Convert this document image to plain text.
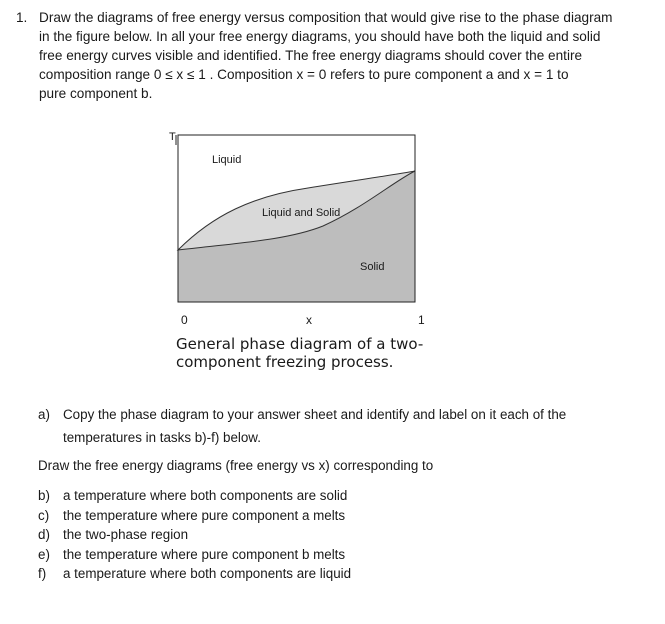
1. Draw the diagrams of free energy versus composition that would give rise to the phase diagram
in the figure below. In all your free energy diagrams, you should have both the liquid and solid
free energy curves visible and identified. The free energy diagrams should cover the entire
composition range 0 ≤ x ≤ 1 . Composition x = 0 refers to pure component a and x = 1 to
pure component b.
T
Liquid
Liquid and Solid
Solid
0	x	1
General phase diagram of a two-
component freezing process.
a) Copy the phase diagram to your answer sheet and identify and label on it each of the
temperatures in tasks b)-f) below.
Draw the free energy diagrams (free energy vs x) corresponding to
b) a temperature where both components are solid
c) the temperature where pure component a melts
d) the two-phase region
e) the temperature where pure component b melts
f) a temperature where both components are liquid
